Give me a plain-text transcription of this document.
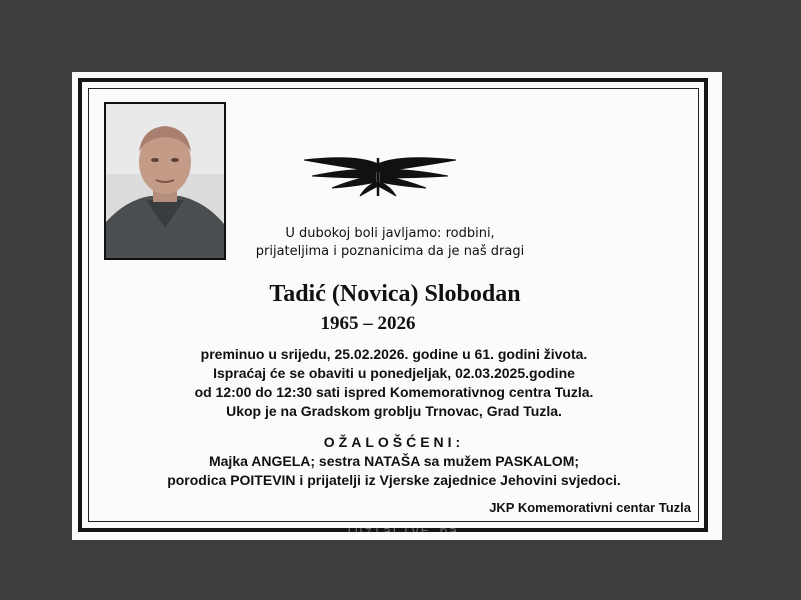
U dubokoj boli javljamo: rodbini,
prijateljima i poznanicima da je naš dragi
Tadić (Novica) Slobodan
1965 – 2026
preminuo u srijedu, 25.02.2026. godine u 61. godini života.
Ispraćaj će se obaviti u ponedjeljak, 02.03.2025.godine
od 12:00 do 12:30 sati ispred Komemorativnog centra Tuzla.
Ukop je na Gradskom groblju Trnovac, Grad Tuzla.
OŽALOŠĆENI:
Majka ANGELA; sestra NATAŠA sa mužem PASKALOM;
porodica POITEVIN i prijatelji iz Vjerske zajednice Jehovini svjedoci.
JKP Komemorativni centar Tuzla
TuzlaLIVE.ba
